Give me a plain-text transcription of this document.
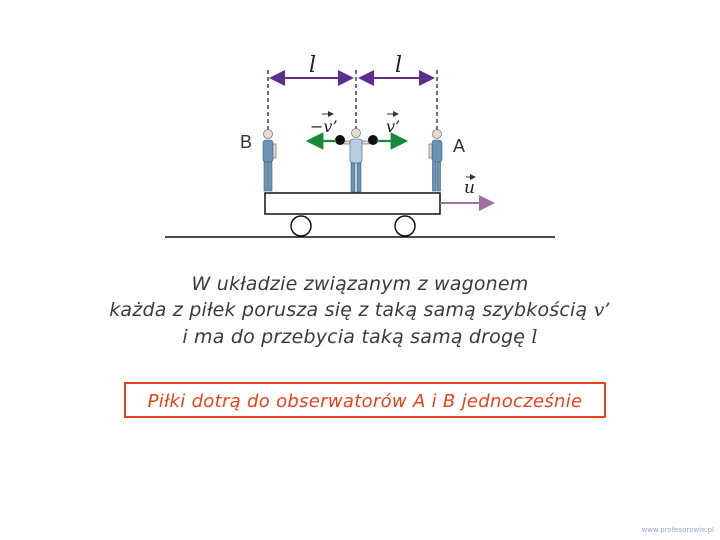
u
l	l
B	A
−v’	v’
W układzie związanym z wagonem
każda z piłek porusza się z taką samą szybkością v’
i ma do przebycia taką samą drogę l
Piłki dotrą do obserwatorów A i B jednocześnie
www.profesorowie.pl
